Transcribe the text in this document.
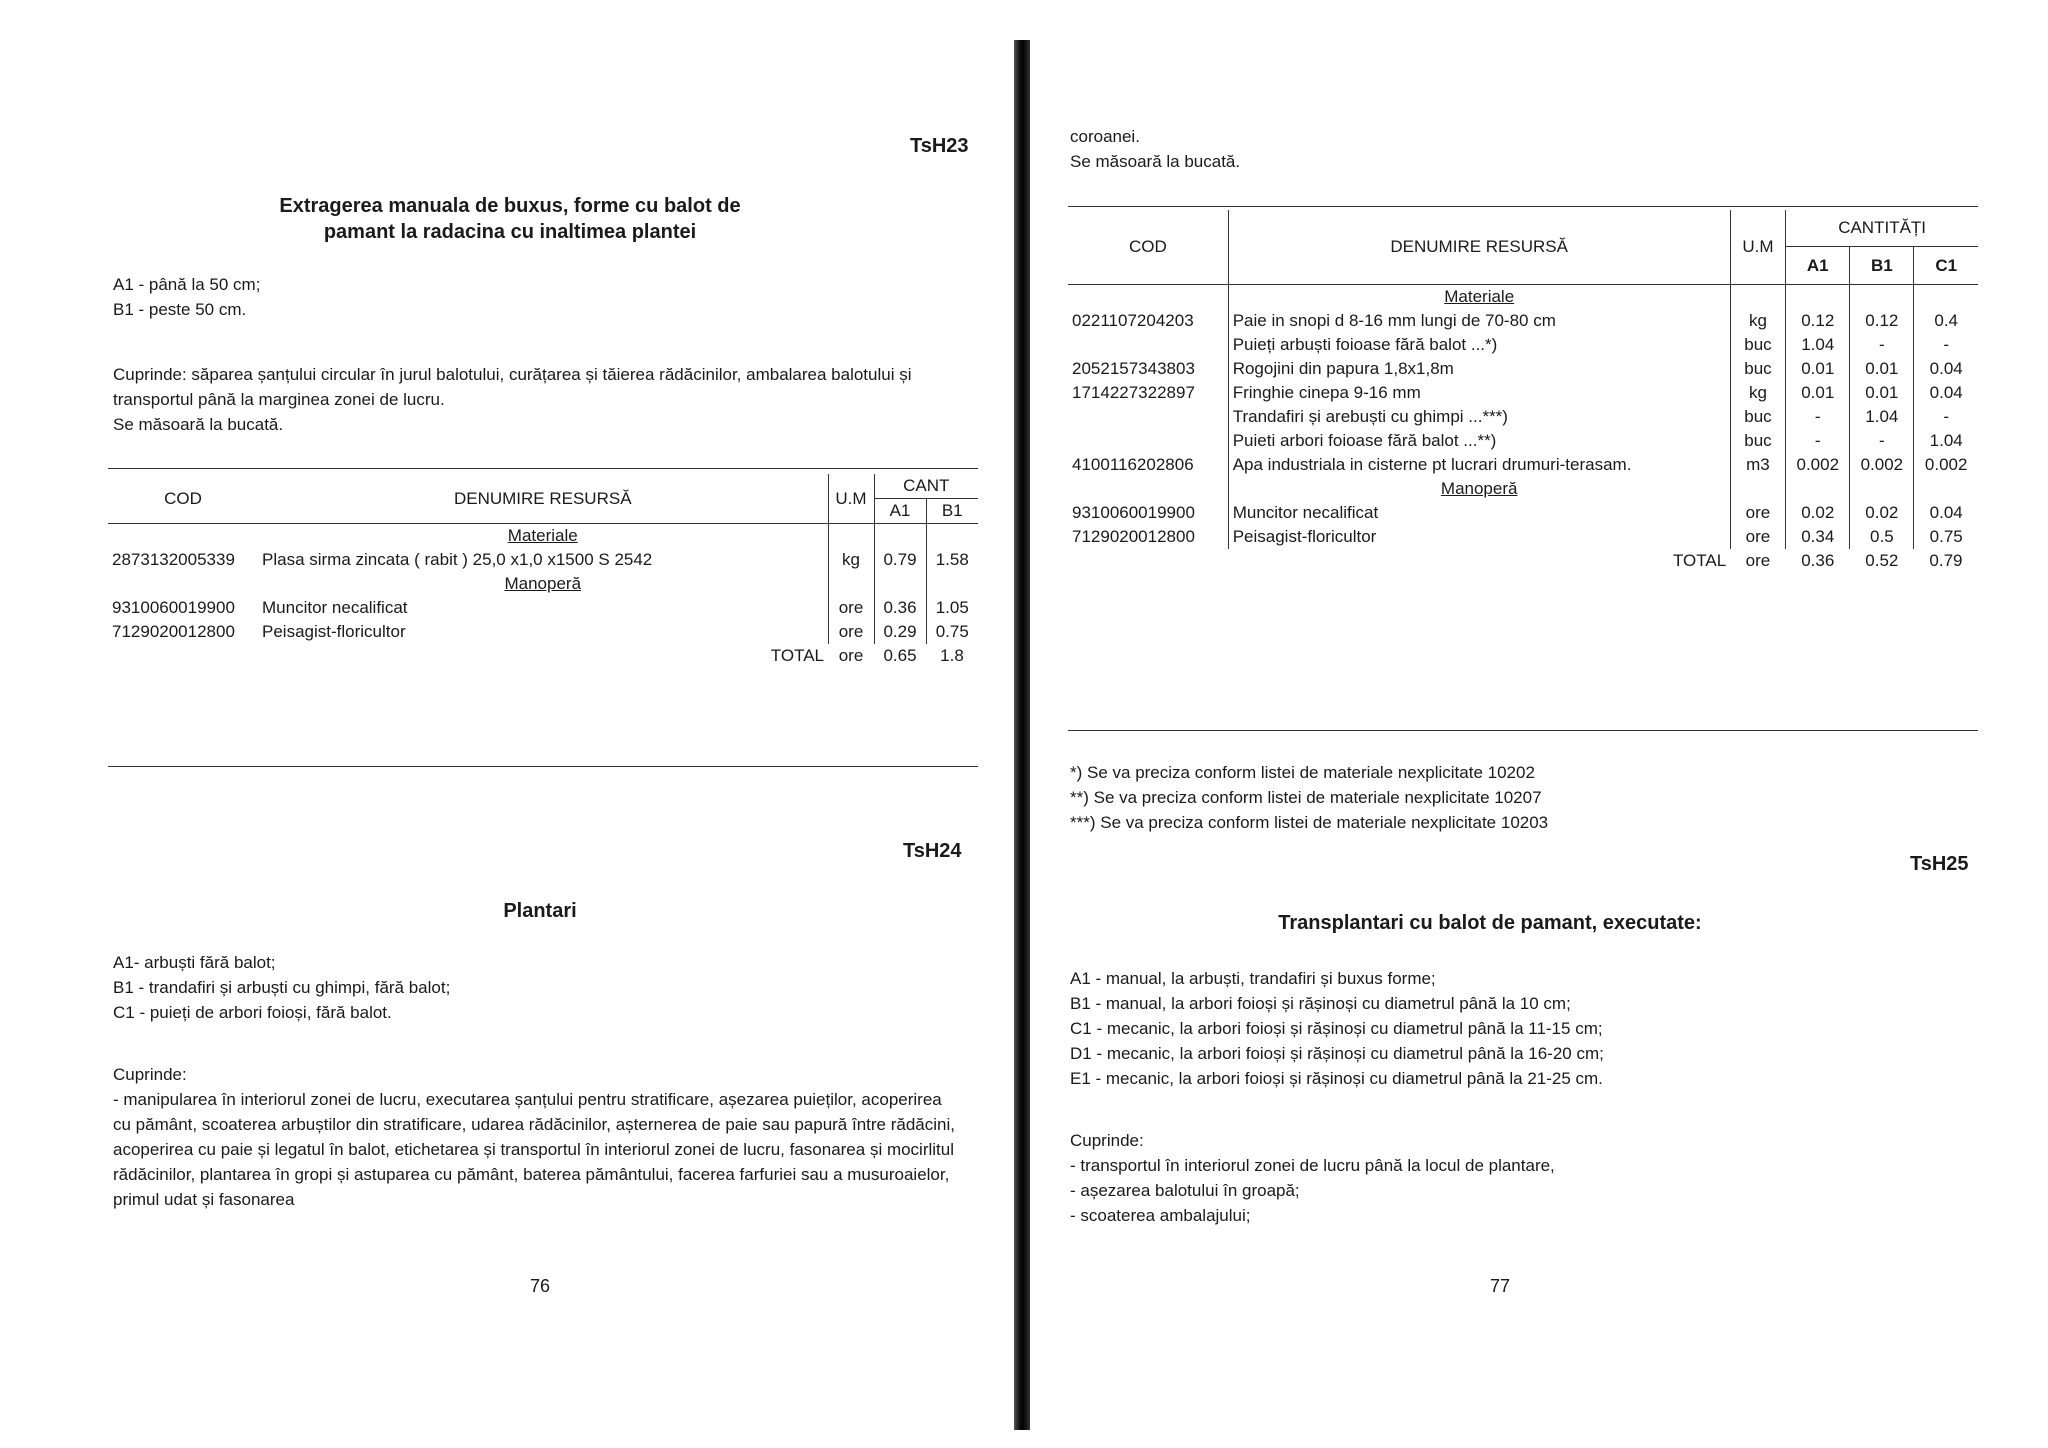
TsH23
Extragerea manuala de buxus, forme cu balot de
pamant la radacina cu inaltimea plantei

A1 - până la 50 cm;

B1 - peste 50 cm.

Cuprinde: săparea șanțului circular în jurul balotului, curățarea și tăierea rădăcinilor, ambalarea balotului și transportul până la marginea zonei de lucru.

Se măsoară la bucată.

COD	DENUMIRE RESURSĂ	U.M	CANT	
			A1	B1
	Materiale			
2873132005339	Plasa sirma zincata ( rabit ) 25,0 x1,0 x1500 S 2542	kg	0.79	1.58
	Manoperă			
9310060019900	Muncitor necalificat	ore	0.36	1.05
7129020012800	Peisagist-floricultor	ore	0.29	0.75
	TOTAL	ore	0.65	1.8
TsH24
Plantari

A1- arbuști fără balot;

B1 - trandafiri și arbuști cu ghimpi, fără balot;

C1 - puieți de arbori foioși, fără balot.

Cuprinde:

- manipularea în interiorul zonei de lucru, executarea șanțului pentru stratificare, așezarea puieților, acoperirea cu pământ, scoaterea arbuștilor din stratificare, udarea rădăcinilor, așternerea de paie sau papură între rădăcini, acoperirea cu paie și legatul în balot, etichetarea și transportul în interiorul zonei de lucru, fasonarea și mocirlitul rădăcinilor, plantarea în gropi și astuparea cu pământ, baterea pământului, facerea farfuriei sau a musuroaielor, primul udat și fasonarea

76

coroanei.

Se măsoară la bucată.

COD	DENUMIRE RESURSĂ	U.M	CANTITĂȚI		
			A1	B1	C1
	Materiale				
0221107204203	Paie in snopi d 8-16 mm lungi de 70-80 cm	kg	0.12	0.12	0.4
	Puieți arbuști foioase fără balot ...*)	buc	1.04	-	-
2052157343803	Rogojini din papura 1,8x1,8m	buc	0.01	0.01	0.04
1714227322897	Fringhie cinepa 9-16 mm	kg	0.01	0.01	0.04
	Trandafiri și arebuști cu ghimpi ...***)	buc	-	1.04	-
	Puieti arbori foioase fără balot ...**)	buc	-	-	1.04
4100116202806	Apa industriala in cisterne pt lucrari drumuri-terasam.	m3	0.002	0.002	0.002
	Manoperă				
9310060019900	Muncitor necalificat	ore	0.02	0.02	0.04
7129020012800	Peisagist-floricultor	ore	0.34	0.5	0.75
	TOTAL	ore	0.36	0.52	0.79

*) Se va preciza conform listei de materiale nexplicitate 10202

**) Se va preciza conform listei de materiale nexplicitate 10207

***) Se va preciza conform listei de materiale nexplicitate 10203

TsH25
Transplantari cu balot de pamant, executate:

A1 - manual, la arbuști, trandafiri și buxus forme;

B1 - manual, la arbori foioși și rășinoși cu diametrul până la 10 cm;

C1 - mecanic, la arbori foioși și rășinoși cu diametrul până la 11-15 cm;

D1 - mecanic, la arbori foioși și rășinoși cu diametrul până la 16-20 cm;

E1 - mecanic, la arbori foioși și rășinoși cu diametrul până la 21-25 cm.

Cuprinde:

- transportul în interiorul zonei de lucru până la locul de plantare,

- așezarea balotului în groapă;

- scoaterea ambalajului;

77
